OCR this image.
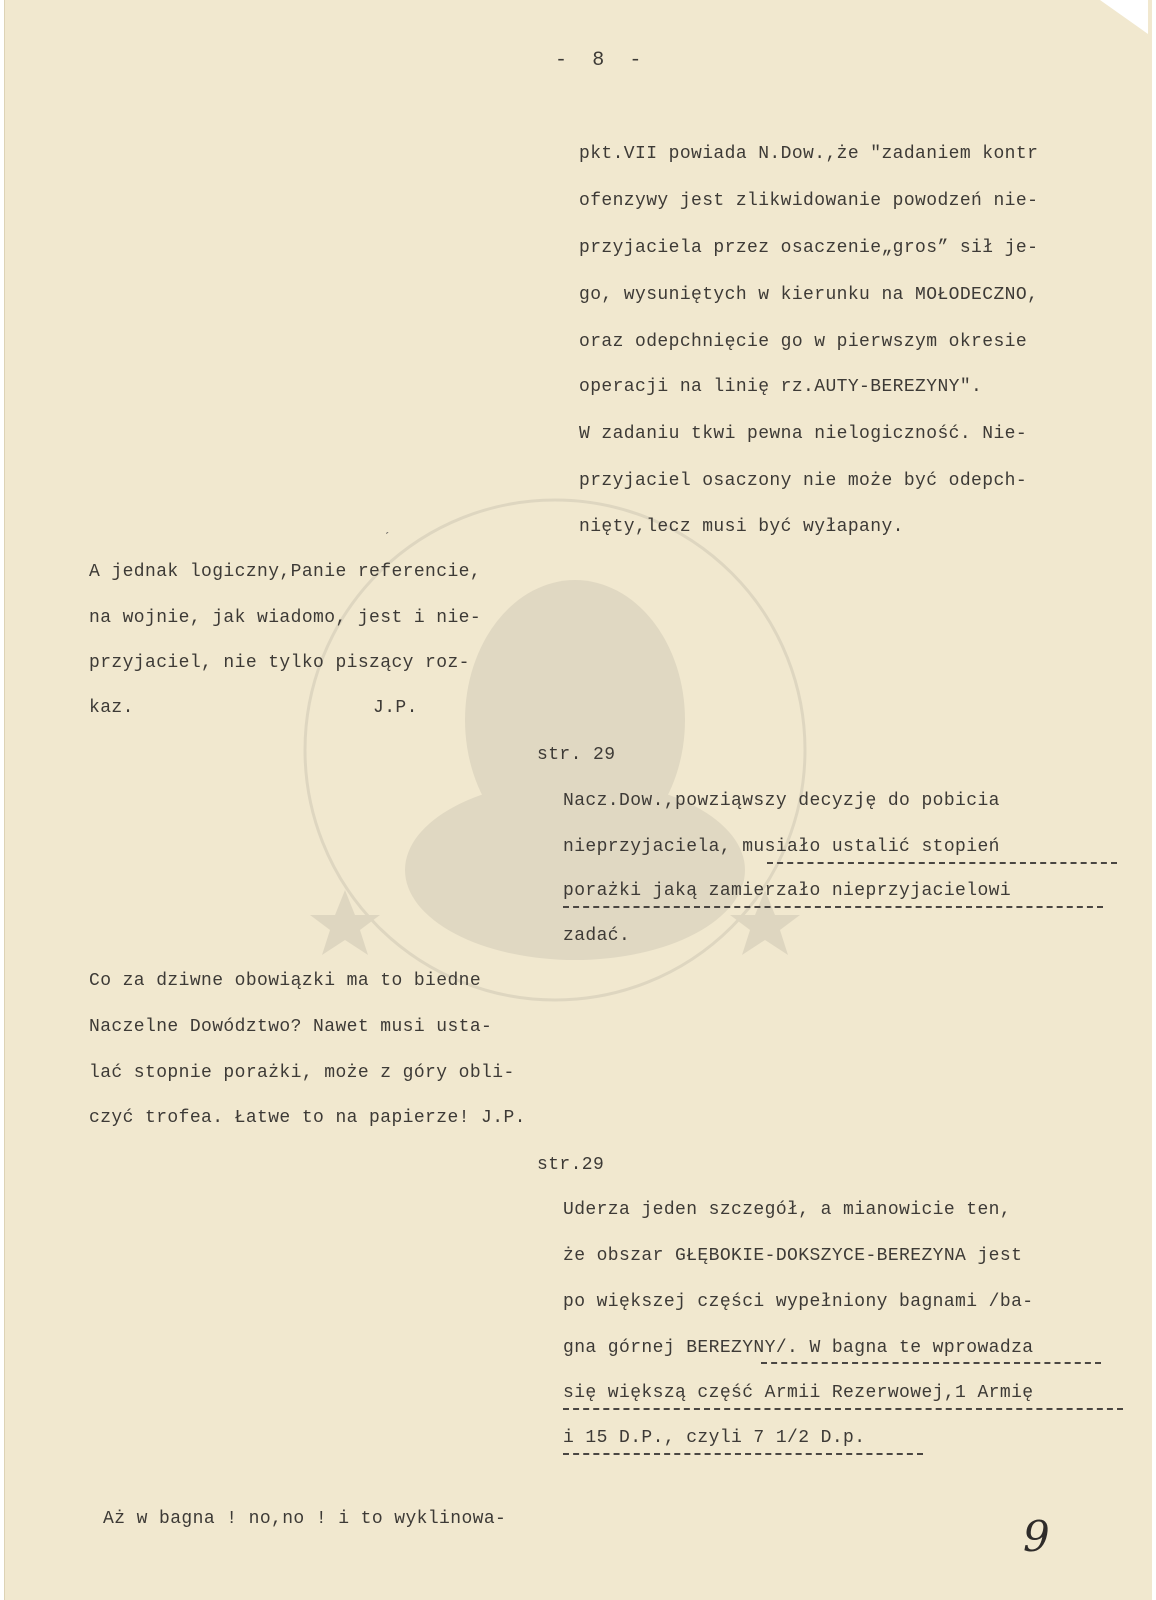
-  8  -
pkt.VII powiada N.Dow.,że "zadaniem kontr
ofenzywy jest zlikwidowanie powodzeń nie-
przyjaciela przez osaczenie„gros” sił je-
go, wysuniętych w kierunku na MOŁODECZNO,
oraz odepchnięcie go w pierwszym okresie
operacji na linię rz.AUTY-BEREZYNY".
W zadaniu tkwi pewna nielogiczność. Nie-
przyjaciel osaczony nie może być odepch-
nięty,lecz musi być wyłapany.
ˏ
A jednak logiczny,Panie referencie,
na wojnie, jak wiadomo, jest i nie-
przyjaciel, nie tylko piszący roz-
kaz.	J.P.
str. 29
Nacz.Dow.,powziąwszy decyzję do pobicia
nieprzyjaciela, musiało ustalić stopień
porażki jaką zamierzało nieprzyjacielowi
zadać.
Co za dziwne obowiązki ma to biedne
Naczelne Dowództwo? Nawet musi usta-
lać stopnie porażki, może z góry obli-
czyć trofea. Łatwe to na papierze! J.P.
str.29
Uderza jeden szczegół, a mianowicie ten,
że obszar GŁĘBOKIE-DOKSZYCE-BEREZYNA jest
po większej części wypełniony bagnami /ba-
gna górnej BEREZYNY/. W bagna te wprowadza
się większą część Armii Rezerwowej,1 Armię
i 15 D.P., czyli 7 1/2 D.p.
Aż w bagna ! no,no ! i to wyklinowa-	9
